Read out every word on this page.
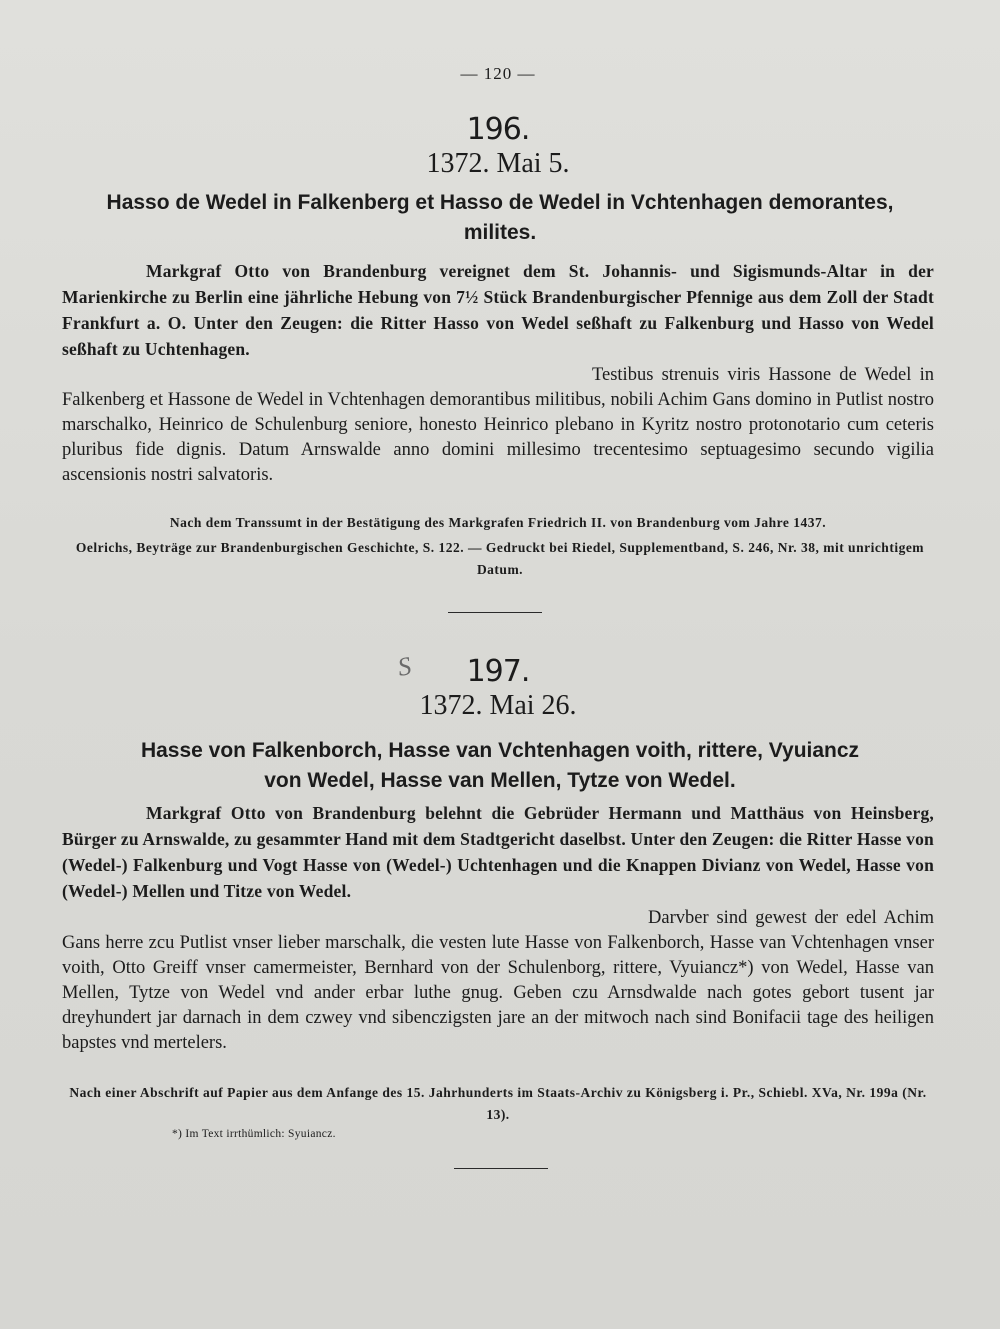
— 120 —
196.
1372. Mai 5.
Hasso de Wedel in Falkenberg et Hasso de Wedel in Vchtenhagen demorantes, milites.
Markgraf Otto von Brandenburg vereignet dem St. Johannis- und Sigismunds-Altar in der Marienkirche zu Berlin eine jährliche Hebung von 7½ Stück Brandenburgischer Pfennige aus dem Zoll der Stadt Frankfurt a. O. Unter den Zeugen: die Ritter Hasso von Wedel seßhaft zu Falkenburg und Hasso von Wedel seßhaft zu Uchtenhagen.
Testibus strenuis viris Hassone de Wedel in Falkenberg et Hassone de Wedel in Vchtenhagen demorantibus militibus, nobili Achim Gans domino in Putlist nostro marschalko, Heinrico de Schulenburg seniore, honesto Heinrico plebano in Kyritz nostro protonotario cum ceteris pluribus fide dignis. Datum Arnswalde anno domini millesimo trecentesimo septuagesimo secundo vigilia ascensionis nostri salvatoris.
Nach dem Transsumt in der Bestätigung des Markgrafen Friedrich II. von Brandenburg vom Jahre 1437.
Oelrichs, Beyträge zur Brandenburgischen Geschichte, S. 122. — Gedruckt bei Riedel, Supplementband, S. 246, Nr. 38, mit unrichtigem Datum.
S	197.
1372. Mai 26.
Hasse von Falkenborch, Hasse van Vchtenhagen voith, rittere, Vyuiancz von Wedel, Hasse van Mellen, Tytze von Wedel.
Markgraf Otto von Brandenburg belehnt die Gebrüder Hermann und Matthäus von Heinsberg, Bürger zu Arnswalde, zu gesammter Hand mit dem Stadtgericht daselbst. Unter den Zeugen: die Ritter Hasse von (Wedel-) Falkenburg und Vogt Hasse von (Wedel-) Uchtenhagen und die Knappen Divianz von Wedel, Hasse von (Wedel-) Mellen und Titze von Wedel.
Darvber sind gewest der edel Achim Gans herre zcu Putlist vnser lieber marschalk, die vesten lute Hasse von Falkenborch, Hasse van Vchtenhagen vnser voith, Otto Greiff vnser camermeister, Bernhard von der Schulenborg, rittere, Vyuiancz*) von Wedel, Hasse van Mellen, Tytze von Wedel vnd ander erbar luthe gnug. Geben czu Arnsdwalde nach gotes gebort tusent jar dreyhundert jar darnach in dem czwey vnd sibenczigsten jare an der mitwoch nach sind Bonifacii tage des heiligen bapstes vnd mertelers.
Nach einer Abschrift auf Papier aus dem Anfange des 15. Jahrhunderts im Staats-Archiv zu Königsberg i. Pr., Schiebl. XVa, Nr. 199a (Nr. 13).
*) Im Text irrthümlich: Syuiancz.
